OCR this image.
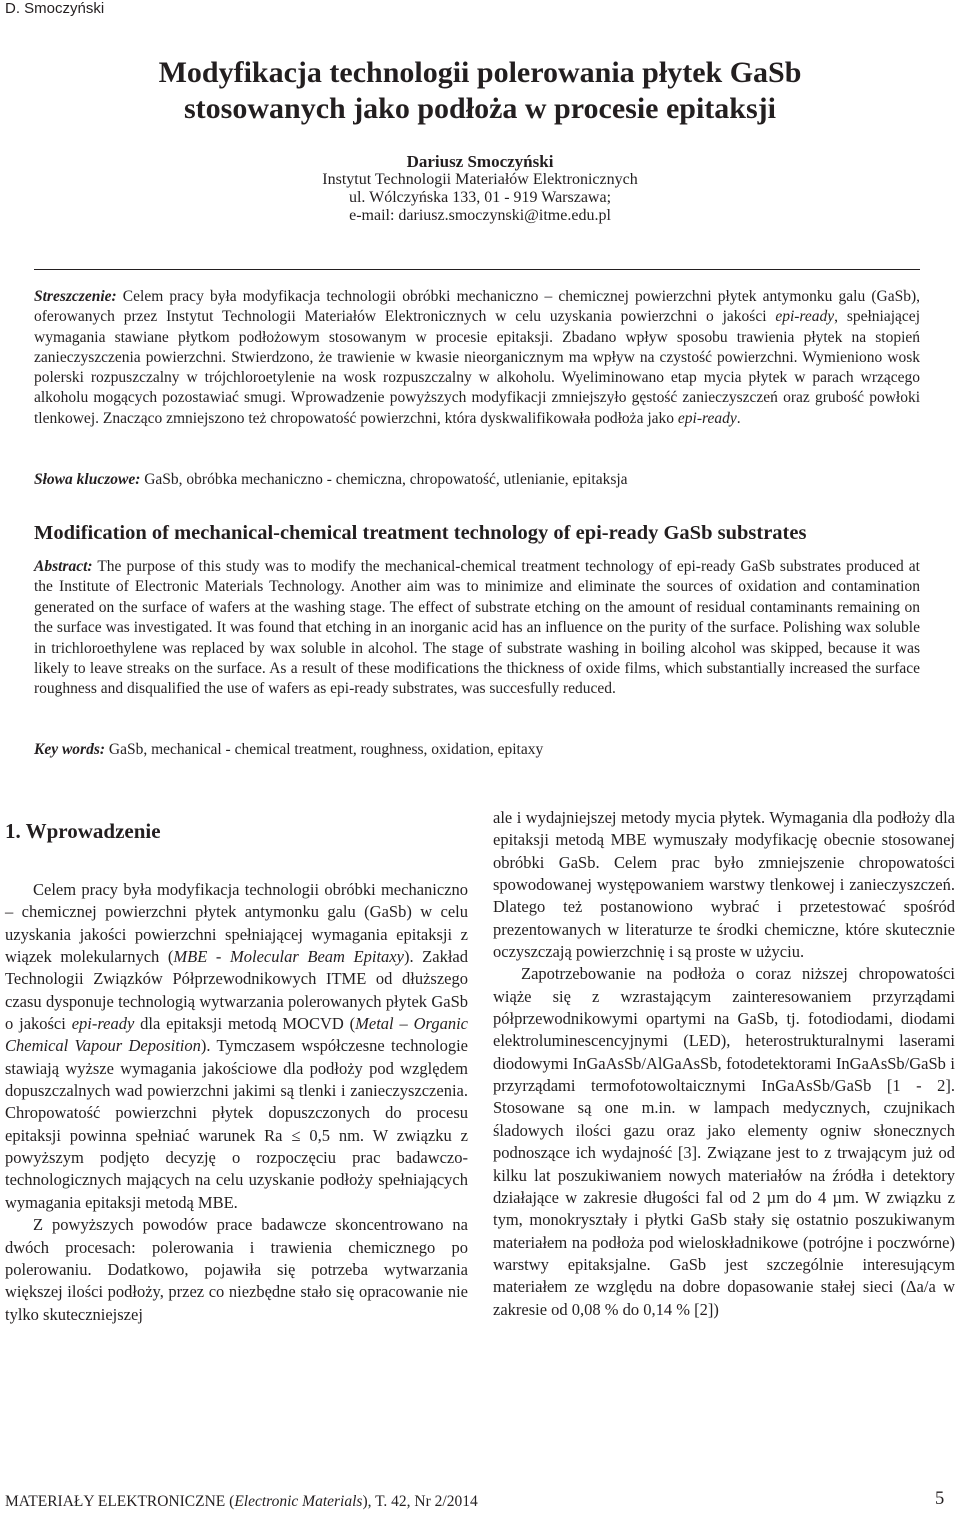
D. Smoczyński
Modyfikacja technologii polerowania płytek GaSb
stosowanych jako podłoża w procesie epitaksji
Dariusz Smoczyński
Instytut Technologii Materiałów Elektronicznych
ul. Wólczyńska 133, 01 - 919 Warszawa;
e-mail: dariusz.smoczynski@itme.edu.pl
Streszczenie: Celem pracy była modyfikacja technologii obróbki mechaniczno – chemicznej powierzchni płytek antymonku galu (GaSb), oferowanych przez Instytut Technologii Materiałów Elektronicznych w celu uzyskania powierzchni o jakości epi-ready, spełniającej wymagania stawiane płytkom podłożowym stosowanym w procesie epitaksji. Zbadano wpływ sposobu trawienia płytek na stopień zanieczyszczenia powierzchni. Stwierdzono, że trawienie w kwasie nieorganicznym ma wpływ na czystość powierzchni. Wymieniono wosk polerski rozpuszczalny w trójchloroetylenie na wosk rozpuszczalny w alkoholu. Wyeliminowano etap mycia płytek w parach wrzącego alkoholu mogących pozostawiać smugi. Wprowadzenie powyższych modyfikacji zmniejszyło gęstość zanieczyszczeń oraz grubość powłoki tlenkowej. Znacząco zmniejszono też chropowatość powierzchni, która dyskwalifikowała podłoża jako epi-ready.
Słowa kluczowe: GaSb, obróbka mechaniczno - chemiczna, chropowatość, utlenianie, epitaksja
Modification of mechanical-chemical treatment technology of epi-ready GaSb substrates
Abstract: The purpose of this study was to modify the mechanical-chemical treatment technology of epi-ready GaSb substrates produced at the Institute of Electronic Materials Technology. Another aim was to minimize and eliminate the sources of oxidation and contamination generated on the surface of wafers at the washing stage. The effect of substrate etching on the amount of residual contaminants remaining on the surface was investigated. It was found that etching in an inorganic acid has an influence on the purity of the surface. Polishing wax soluble in trichloroethylene was replaced by wax soluble in alcohol. The stage of substrate washing in boiling alcohol was skipped, because it was likely to leave streaks on the surface. As a result of these modifications the thickness of oxide films, which substantially increased the surface roughness and disqualified the use of wafers as epi-ready substrates, was succesfully reduced.
Key words: GaSb, mechanical - chemical treatment, roughness, oxidation, epitaxy
1. Wprowadzenie

Celem pracy była modyfikacja technologii obróbki mechaniczno – chemicznej powierzchni płytek antymonku galu (GaSb) w celu uzyskania jakości powierzchni spełniającej wymagania epitaksji z wiązek molekularnych (MBE - Molecular Beam Epitaxy). Zakład Technologii Związków Półprzewodnikowych ITME od dłuższego czasu dysponuje technologią wytwarzania polerowanych płytek GaSb o jakości epi-ready dla epitaksji metodą MOCVD (Metal – Organic Chemical Vapour Deposition). Tymczasem współczesne technologie stawiają wyższe wymagania jakościowe dla podłoży pod względem dopuszczalnych wad powierzchni jakimi są tlenki i zanieczyszczenia. Chropowatość powierzchni płytek dopuszczonych do procesu epitaksji powinna spełniać warunek Ra ≤ 0,5 nm. W związku z powyższym podjęto decyzję o rozpoczęciu prac badawczo-technologicznych mających na celu uzyskanie podłoży spełniających wymagania epitaksji metodą MBE.

Z powyższych powodów prace badawcze skoncentrowano na dwóch procesach: polerowania i trawienia chemicznego po polerowaniu. Dodatkowo, pojawiła się potrzeba wytwarzania większej ilości podłoży, przez co niezbędne stało się opracowanie nie tylko skuteczniejszej

ale i wydajniejszej metody mycia płytek. Wymagania dla podłoży dla epitaksji metodą MBE wymuszały modyfikację obecnie stosowanej obróbki GaSb. Celem prac było zmniejszenie chropowatości spowodowanej występowaniem warstwy tlenkowej i zanieczyszczeń. Dlatego też postanowiono wybrać i przetestować spośród prezentowanych w literaturze te środki chemiczne, które skutecznie oczyszczają powierzchnię i są proste w użyciu.

Zapotrzebowanie na podłoża o coraz niższej chropowatości wiąże się z wzrastającym zainteresowaniem przyrządami półprzewodnikowymi opartymi na GaSb, tj. fotodiodami, diodami elektroluminescencyjnymi (LED), heterostrukturalnymi laserami diodowymi InGaAsSb/AlGaAsSb, fotodetektorami InGaAsSb/GaSb i przyrządami termofotowoltaicznymi InGaAsSb/GaSb [1 - 2]. Stosowane są one m.in. w lampach medycznych, czujnikach śladowych ilości gazu oraz jako elementy ogniw słonecznych podnoszące ich wydajność [3]. Związane jest to z trwającym już od kilku lat poszukiwaniem nowych materiałów na źródła i detektory działające w zakresie długości fal od 2 µm do 4 µm. W związku z tym, monokryształy i płytki GaSb stały się ostatnio poszukiwanym materiałem na podłoża pod wieloskładnikowe (potrójne i poczwórne) warstwy epitaksjalne. GaSb jest szczególnie interesującym materiałem ze względu na dobre dopasowanie stałej sieci (Δa/a w zakresie od 0,08 % do 0,14 % [2])

MATERIAŁY ELEKTRONICZNE (Electronic Materials), T. 42, Nr 2/2014	5
